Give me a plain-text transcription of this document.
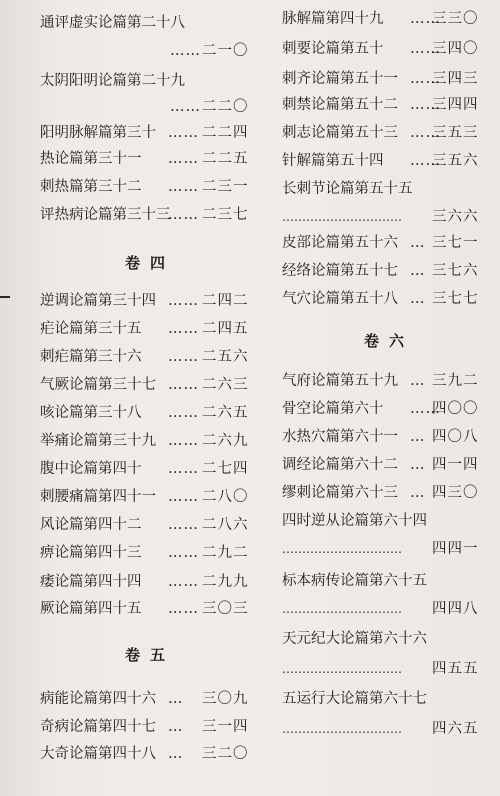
通评虚实论篇第二十八
…… 二一〇
太阴阳明论篇第二十九
…… 二二〇
阳明脉解篇第三十 …… 二二四
热论篇第三十一 …… 二二五
刺热篇第三十二 …… 二三一
评热病论篇第三十三
…… 二三七
卷四
逆调论篇第三十四 …… 二四二
疟论篇第三十五 …… 二四五
刺疟篇第三十六 …… 二五六
气厥论篇第三十七 …… 二六三
咳论篇第三十八 …… 二六五
举痛论篇第三十九 …… 二六九
腹中论篇第四十 …… 二七四
刺腰痛篇第四十一 …… 二八〇
风论篇第四十二 …… 二八六
痹论篇第四十三 …… 二九二
痿论篇第四十四 …… 二九九
厥论篇第四十五 …… 三〇三
卷五
病能论篇第四十六 … 三〇九
奇病论篇第四十七 … 三一四
大奇论篇第四十八 … 三二〇
脉解篇第四十九 ……
三三〇
刺要论篇第五十 ……
三四〇
刺齐论篇第五十一 ……
三四三
刺禁论篇第五十二 ……
三四四
刺志论篇第五十三 ……
三五三
针解篇第五十四 ……
三五六
长刺节论篇第五十五
………………………… 三六六
皮部论篇第五十六 … 三七一
经络论篇第五十七 … 三七六
气穴论篇第五十八 … 三七七
卷六
气府论篇第五十九 … 三九二
骨空论篇第六十 ……
四〇〇
水热穴篇第六十一 … 四〇八
调经论篇第六十二 … 四一四
缪刺论篇第六十三 … 四三〇
四时逆从论篇第六十四
………………………… 四四一
标本病传论篇第六十五
………………………… 四四八
天元纪大论篇第六十六
………………………… 四五五
五运行大论篇第六十七
………………………… 四六五
